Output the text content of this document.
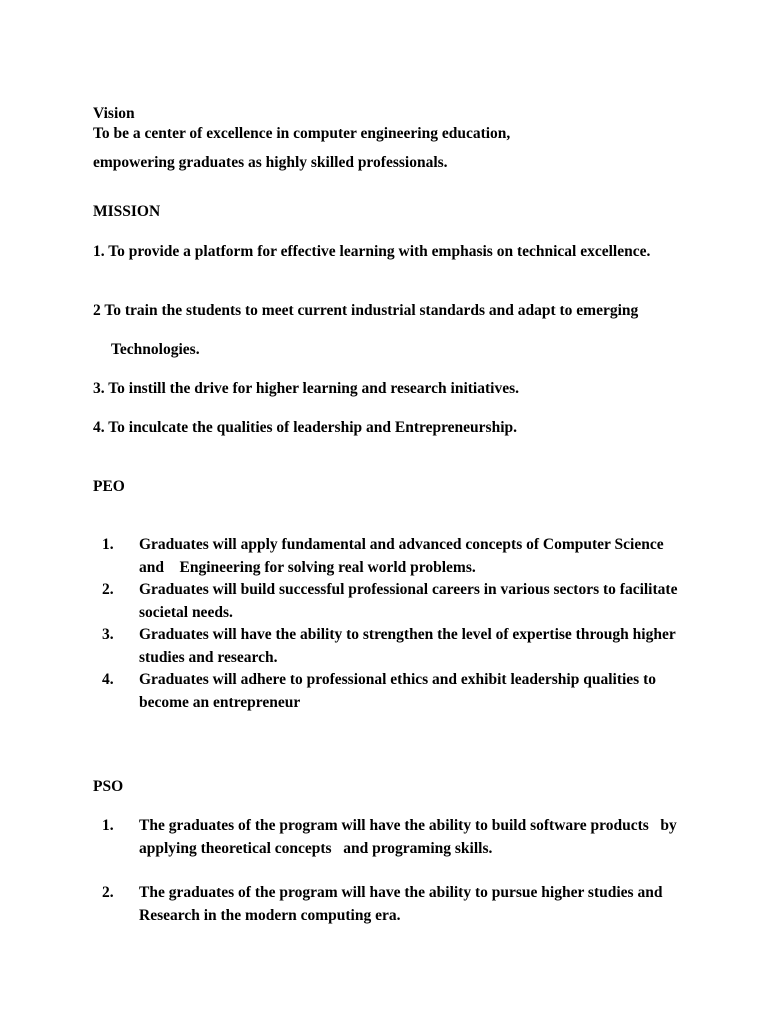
Vision
To be a center of excellence in computer engineering education,
empowering graduates as highly skilled professionals.
MISSION
1. To provide a platform for effective learning with emphasis on technical excellence.
2 To train the students to meet current industrial standards and adapt to emerging
Technologies.
3. To instill the drive for higher learning and research initiatives.
4. To inculcate the qualities of leadership and Entrepreneurship.
PEO
1. Graduates will apply fundamental and advanced concepts of Computer Science and    Engineering for solving real world problems.
2. Graduates will build successful professional careers in various sectors to facilitate societal needs.
3. Graduates will have the ability to strengthen the level of expertise through higher studies and research.
4. Graduates will adhere to professional ethics and exhibit leadership qualities to become an entrepreneur
PSO
1. The graduates of the program will have the ability to build software products   by applying theoretical concepts   and programing skills.
2. The graduates of the program will have the ability to pursue higher studies and Research in the modern computing era.
